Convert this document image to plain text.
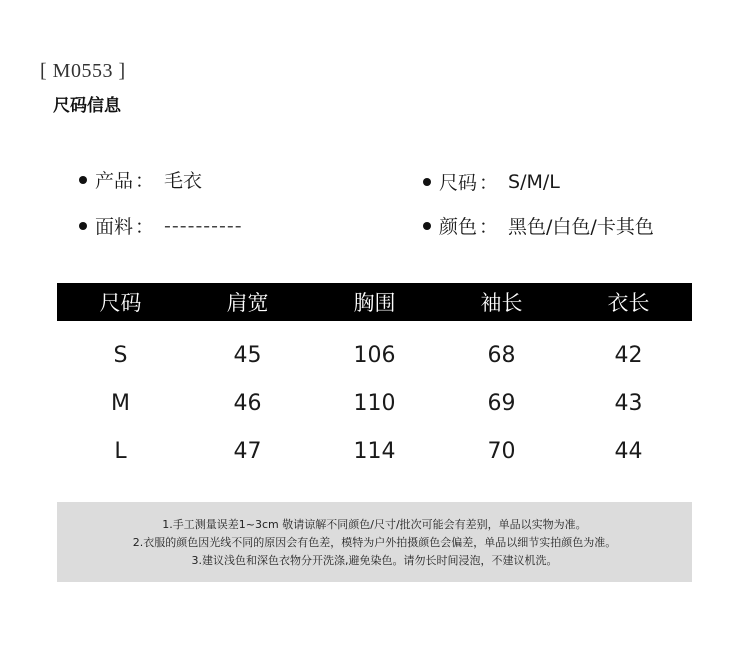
[ M0553 ]
尺码信息
产品 ： 毛衣	尺码 ： S/M/L
面料 ： ----------	颜色 ： 黑色/白色/卡其色
尺码	肩宽	胸围	袖长	衣长

S	45	106	68	42
M	46	110	69	43
L	47	114	70	44
1.手工测量误差1~3cm 敬请谅解不同颜色/尺寸/批次可能会有差别，单品以实物为准。
2.衣服的颜色因光线不同的原因会有色差，模特为户外拍摄颜色会偏差，单品以细节实拍颜色为准。
3.建议浅色和深色衣物分开洗涤,避免染色。请勿长时间浸泡，不建议机洗。
